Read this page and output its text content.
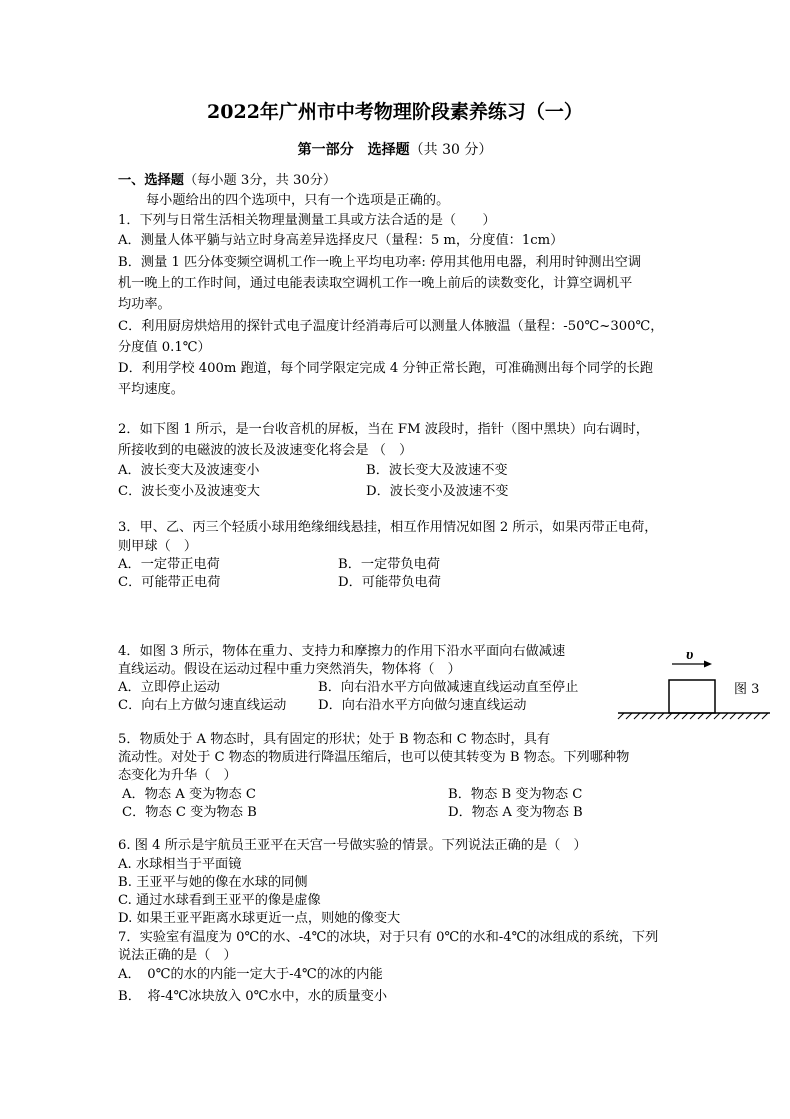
2022年广州市中考物理阶段素养练习（一）
第一部分　选择题（共 30 分）
一、选择题（每小题 3分，共 30分）
每小题给出的四个选项中，只有一个选项是正确的。
1．下列与日常生活相关物理量测量工具或方法合适的是（　　）
A．测量人体平躺与站立时身高差异选择皮尺（量程：5 m，分度值：1cm）
B．测量 1 匹分体变频空调机工作一晚上平均电功率: 停用其他用电器，利用时钟测出空调
机一晚上的工作时间，通过电能表读取空调机工作一晚上前后的读数变化，计算空调机平
均功率。
C．利用厨房烘焙用的探针式电子温度计经消毒后可以测量人体腋温（量程：-50℃~300℃，
分度值 0.1℃）
D．利用学校 400m 跑道，每个同学限定完成 4 分钟正常长跑，可准确测出每个同学的长跑
平均速度。
2．如下图 1 所示，是一台收音机的屏板，当在 FM 波段时，指针（图中黑块）向右调时，
所接收到的电磁波的波长及波速变化将会是 （　）
A．波长变大及波速变小	B．波长变大及波速不变
C．波长变小及波速变大	D．波长变小及波速不变
3．甲、乙、丙三个轻质小球用绝缘细线悬挂，相互作用情况如图 2 所示，如果丙带正电荷，
则甲球（　）
A．一定带正电荷	B．一定带负电荷
C．可能带正电荷	D．可能带负电荷
4．如图 3 所示，物体在重力、支持力和摩擦力的作用下沿水平面向右做减速
直线运动。假设在运动过程中重力突然消失，物体将（　）
A．立即停止运动	B．向右沿水平方向做减速直线运动直至停止
C．向右上方做匀速直线运动 D．向右沿水平方向做匀速直线运动
υ
图 3
5．物质处于 A 物态时，具有固定的形状；处于 B 物态和 C 物态时，具有
流动性。对处于 C 物态的物质进行降温压缩后，也可以使其转变为 B 物态。下列哪种物
态变化为升华（　）
A．物态 A 变为物态 C	B．物态 B 变为物态 C
C．物态 C 变为物态 B	D．物态 A 变为物态 B
6. 图 4 所示是宇航员王亚平在天宫一号做实验的情景。下列说法正确的是（　）
A. 水球相当于平面镜
B. 王亚平与她的像在水球的同侧
C. 通过水球看到王亚平的像是虚像
D. 如果王亚平距离水球更近一点，则她的像变大
7．实验室有温度为 0℃的水、-4℃的冰块，对于只有 0℃的水和-4℃的冰组成的系统，下列
说法正确的是（　）
A．　0℃的水的内能一定大于-4℃的冰的内能
B．　将-4℃冰块放入 0℃水中，水的质量变小
